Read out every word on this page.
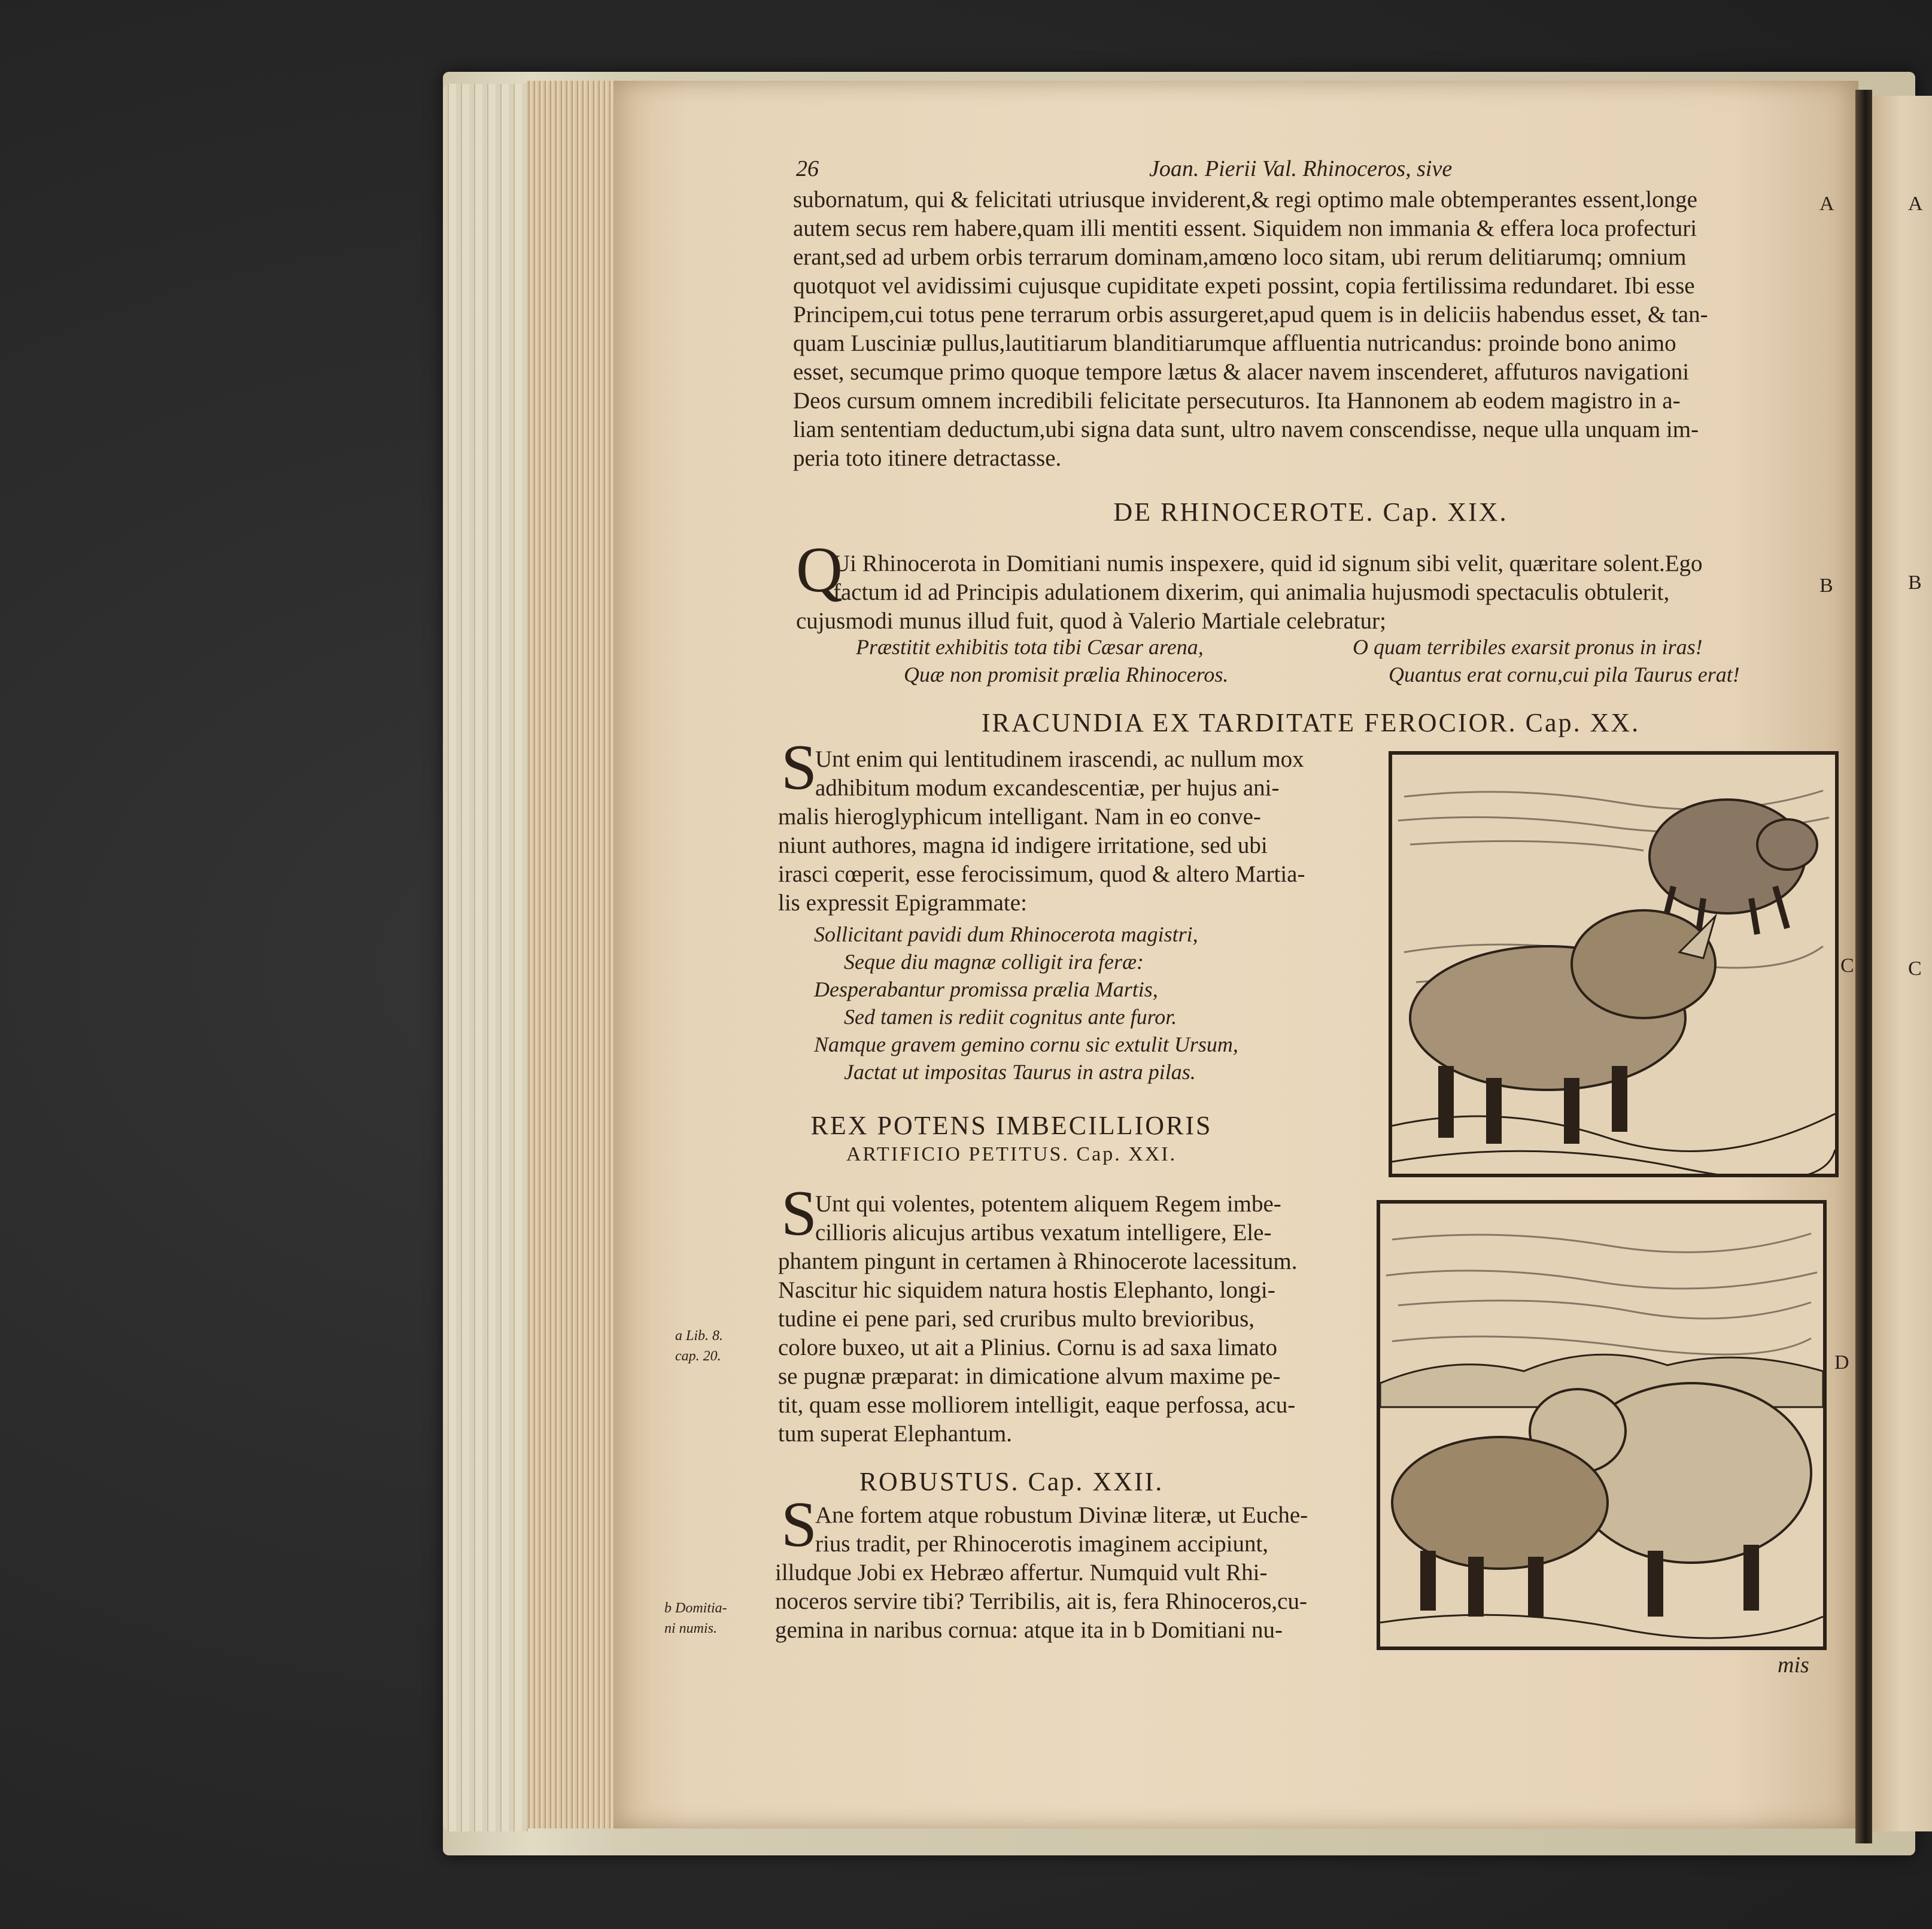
A
B
C
26	Joan. Pierii Val. Rhinoceros, sive
subornatum, qui & felicitati utriusque inviderent,& regi optimo male obtemperantes essent,longe
autem secus rem habere,quam illi mentiti essent. Siquidem non immania & effera loca profecturi
erant,sed ad urbem orbis terrarum dominam,amœno loco sitam, ubi rerum delitiarumq; omnium
quotquot vel avidissimi cujusque cupiditate expeti possint, copia fertilissima redundaret. Ibi esse
Principem,cui totus pene terrarum orbis assurgeret,apud quem is in deliciis habendus esset, & tan-
quam Lusciniæ pullus,lautitiarum blanditiarumque affluentia nutricandus: proinde bono animo
esset, secumque primo quoque tempore lætus & alacer navem inscenderet, affuturos navigationi
Deos cursum omnem incredibili felicitate persecuturos. Ita Hannonem ab eodem magistro in a-
liam sententiam deductum,ubi signa data sunt, ultro navem conscendisse, neque ulla unquam im-
peria toto itinere detractasse.
A
DE RHINOCEROTE. Cap. XIX.
Q
Ui Rhinocerota in Domitiani numis inspexere, quid id signum sibi velit, quæritare solent.Ego
factum id ad Principis adulationem dixerim, qui animalia hujusmodi spectaculis obtulerit,
cujusmodi munus illud fuit, quod à Valerio Martiale celebratur;
B
Præstitit exhibitis tota tibi Cæsar arena,
Quæ non promisit prælia Rhinoceros.
O quam terribiles exarsit pronus in iras!
Quantus erat cornu,cui pila Taurus erat!
IRACUNDIA EX TARDITATE FEROCIOR. Cap. XX.
S
Unt enim qui lentitudinem irascendi, ac nullum mox
adhibitum modum excandescentiæ, per hujus ani-
malis hieroglyphicum intelligant. Nam in eo conve-
niunt authores, magna id indigere irritatione, sed ubi
irasci cœperit, esse ferocissimum, quod & altero Martia-
lis expressit Epigrammate:
Sollicitant pavidi dum Rhinocerota magistri,
Seque diu magnæ colligit ira feræ:
Desperabantur promissa prælia Martis,
Sed tamen is rediit cognitus ante furor.
Namque gravem gemino cornu sic extulit Ursum,
Jactat ut impositas Taurus in astra pilas.
C
REX POTENS IMBECILLIORIS
ARTIFICIO PETITUS. Cap. XXI.
S
Unt qui volentes, potentem aliquem Regem imbe-
cillioris alicujus artibus vexatum intelligere, Ele-
phantem pingunt in certamen à Rhinocerote lacessitum.
Nascitur hic siquidem natura hostis Elephanto, longi-
tudine ei pene pari, sed cruribus multo brevioribus,
colore buxeo, ut ait a Plinius. Cornu is ad saxa limato
se pugnæ præparat: in dimicatione alvum maxime pe-
tit, quam esse molliorem intelligit, eaque perfossa, acu-
tum superat Elephantum.
a Lib. 8.
cap. 20.	D
ROBUSTUS. Cap. XXII.
S
Ane fortem atque robustum Divinæ literæ, ut Euche-
rius tradit, per Rhinocerotis imaginem accipiunt,
illudque Jobi ex Hebræo affertur. Numquid vult Rhi-
noceros servire tibi? Terribilis, ait is, fera Rhinoceros,cu-
gemina in naribus cornua: atque ita in b Domitiani nu-
b Domitia-
ni numis.
mis
